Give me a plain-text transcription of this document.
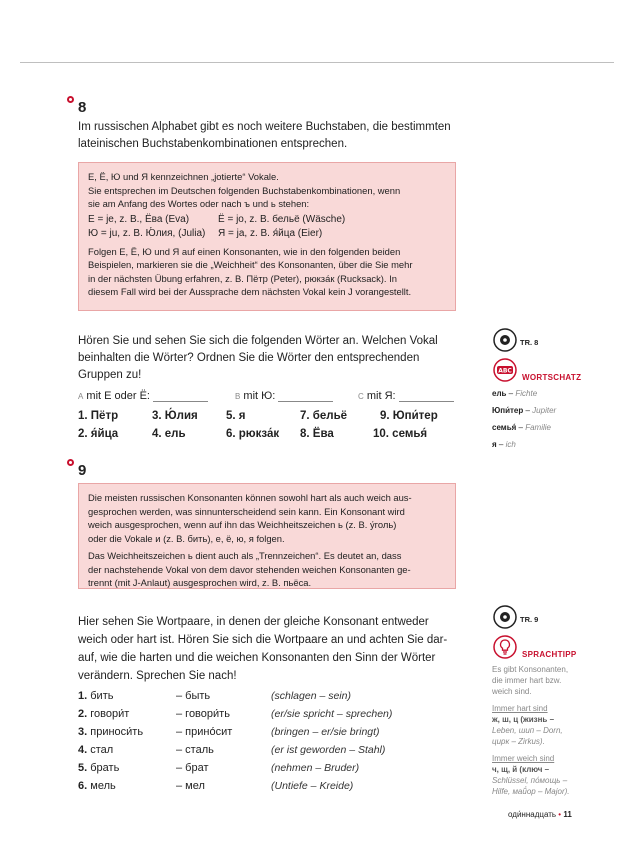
8
Im russischen Alphabet gibt es noch weitere Buchstaben, die bestimmten
lateinischen Buchstabenkombinationen entsprechen.

Е, Ё, Ю und Я kennzeichnen „jotierte“ Vokale.

Sie entsprechen im Deutschen folgenden Buchstabenkombinationen, wenn

sie am Anfang des Wortes oder nach ъ und ь stehen:

Е = je, z. B., Ёва (Eva)	Ё = jo, z. B. бельё (Wäsche)
Ю = ju, z. B. Ю́лия, (Julia) Я = ja, z. B. я́йца (Eier)

Folgen Е, Ё, Ю und Я auf einen Konsonanten, wie in den folgenden beiden

Beispielen, markieren sie die „Weichheit“ des Konsonanten, über die Sie mehr

in der nächsten Übung erfahren, z. B. Пётр (Peter), рюкза́к (Rucksack). In

diesem Fall wird bei der Aussprache dem nächsten Vokal kein J vorangestellt.

Hören Sie und sehen Sie sich die folgenden Wörter an. Welchen Vokal
beinhalten die Wörter? Ordnen Sie die Wörter den entsprechenden
Gruppen zu!
A mit Е oder Ё:	B mit Ю:	C mit Я:
1. Пётр	3. Ю́лия 5. я	7. бельё	9. Юпи́тер
2. я́йца	4. ель	6. рюкза́к 8. Ёва	10. семья́
TR. 8
ABC
WORTSCHATZ
ель – Fichte
Юпи́тер – Jupiter
семья́ – Familie
я – ich
9

Die meisten russischen Konsonanten können sowohl hart als auch weich aus-

gesprochen werden, was sinnunterscheidend sein kann. Ein Konsonant wird

weich ausgesprochen, wenn auf ihn das Weichheitszeichen ь (z. B. у́голь)

oder die Vokale и (z. B. бить), е, ё, ю, я folgen.

Das Weichheitszeichen ь dient auch als „Trennzeichen“. Es deutet an, dass

der nachstehende Vokal von dem davor stehenden weichen Konsonanten ge-

trennt (mit J-Anlaut) ausgesprochen wird, z. B. пьёса.

Hier sehen Sie Wortpaare, in denen der gleiche Konsonant entweder
weich oder hart ist. Hören Sie sich die Wortpaare an und achten Sie dar-
auf, wie die harten und die weichen Konsonanten den Sinn der Wörter
verändern. Sprechen Sie nach!
1. бить	– быть	(schlagen – sein)
2. говори́т	– говори́ть	(er/sie spricht – sprechen)
3. приноси́ть	– прино́сит	(bringen – er/sie bringt)
4. стал	– сталь	(er ist geworden – Stahl)
5. брать	– брат	(nehmen – Bruder)
6. мель	– мел	(Untiefe – Kreide)
TR. 9
SPRACHTIPP
Es gibt Konsonanten,
die immer hart bzw.
weich sind.
Immer hart sind
ж, ш, ц (жизнь –
Leben, шип – Dorn,
цирк – Zirkus).
Immer weich sind
ч, щ, й (ключ –
Schlüssel, по́мощь –
Hilfe, май́ор – Major).
оди́ннадцать • 11
